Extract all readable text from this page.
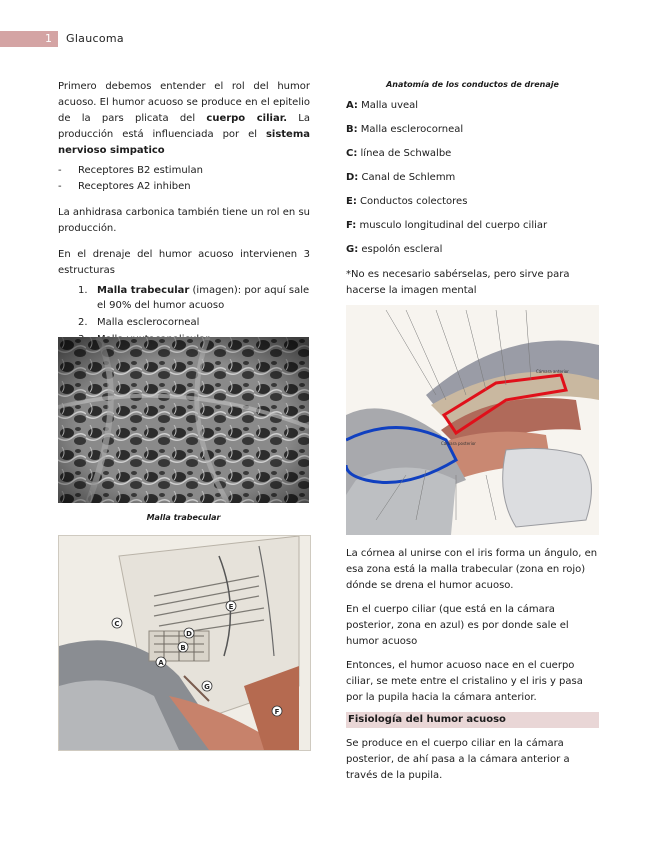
1	Glaucoma

Primero debemos entender el rol del humor acuoso. El humor acuoso se produce en el epitelio de la pars plicata del cuerpo ciliar. La producción está influenciada por el sistema nervioso simpatico

- Receptores B2 estimulan
- Receptores A2 inhiben

La anhidrasa carbonica también tiene un rol en su producción.

En el drenaje del humor acuoso intervienen 3 estructuras

1. Malla trabecular (imagen): por aquí sale el 90% del humor acuoso
2. Malla esclerocorneal
Malla trabecular
C
E
D
B
A
G
F
Anatomía de los conductos de drenaje
A: Malla uveal
B: Malla esclerocorneal
C: línea de Schwalbe
D: Canal de Schlemm
E: Conductos colectores
F: musculo longitudinal del cuerpo ciliar
G: espolón escleral

*No es necesario sabérselas, pero sirve para hacerse la imagen mental

Cámara anterior
Cámara posterior

La córnea al unirse con el iris forma un ángulo, en esa zona está la malla trabecular (zona en rojo) dónde se drena el humor acuoso.

En el cuerpo ciliar (que está en la cámara posterior, zona en azul) es por donde sale el humor acuoso

Entonces, el humor acuoso nace en el cuerpo ciliar, se mete entre el cristalino y el iris y pasa por la pupila hacia la cámara anterior.

Fisiología del humor acuoso

Se produce en el cuerpo ciliar en la cámara posterior, de ahí pasa a la cámara anterior a través de la pupila.
